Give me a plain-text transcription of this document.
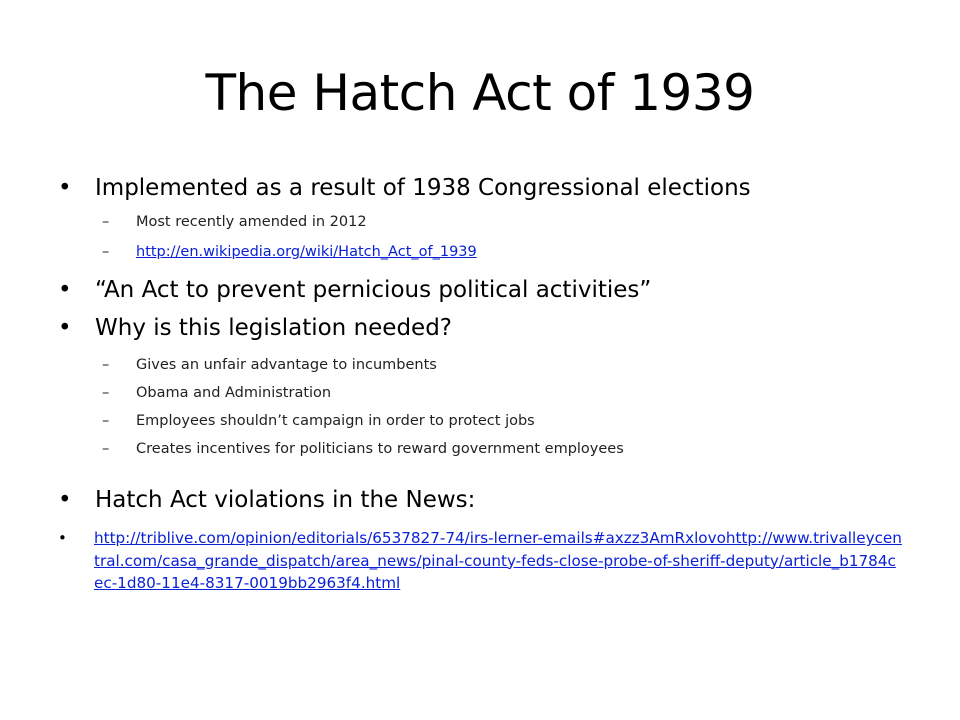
The Hatch Act of 1939
• Implemented as a result of 1938 Congressional elections
– Most recently amended in 2012
– http://en.wikipedia.org/wiki/Hatch_Act_of_1939
• “An Act to prevent pernicious political activities”
• Why is this legislation needed?
– Gives an unfair advantage to incumbents
– Obama and Administration
– Employees shouldn’t campaign in order to protect jobs
– Creates incentives for politicians to reward government employees
• Hatch Act violations in the News:
• http://triblive.com/opinion/editorials/6537827-74/irs-lerner-emails#axzz3AmRxlovohttp://www.trivalleycentral.com/casa_grande_dispatch/area_news/pinal-county-feds-close-probe-of-sheriff-deputy/article_b1784cec-1d80-11e4-8317-0019bb2963f4.html
